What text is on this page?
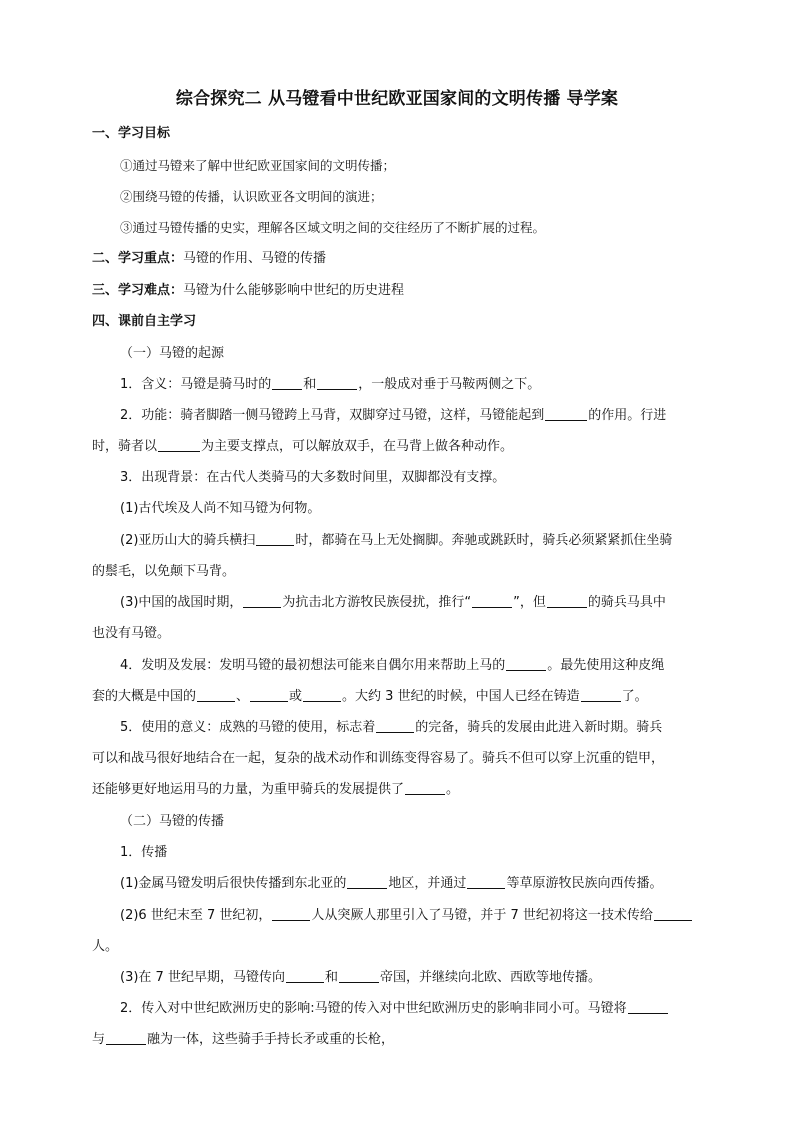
综合探究二 从马镫看中世纪欧亚国家间的文明传播 导学案
一、学习目标
①通过马镫来了解中世纪欧亚国家间的文明传播；
②围绕马镫的传播，认识欧亚各文明间的演进；
③通过马镫传播的史实，理解各区域文明之间的交往经历了不断扩展的过程。
二、学习重点：马镫的作用、马镫的传播
三、学习难点：马镫为什么能够影响中世纪的历史进程
四、课前自主学习
（一）马镫的起源
1．含义：马镫是骑马时的 和	，一般成对垂于马鞍两侧之下。
2．功能：骑者脚踏一侧马镫跨上马背，双脚穿过马镫，这样，马镫能起到	的作用。行进
时，骑者以	为主要支撑点，可以解放双手，在马背上做各种动作。
3．出现背景：在古代人类骑马的大多数时间里，双脚都没有支撑。
(1)古代埃及人尚不知马镫为何物。
(2)亚历山大的骑兵横扫	时，都骑在马上无处搁脚。奔驰或跳跃时，骑兵必须紧紧抓住坐骑
的鬃毛，以免颠下马背。
(3)中国的战国时期，	为抗击北方游牧民族侵扰，推行“	”，但	的骑兵马具中
也没有马镫。
4．发明及发展：发明马镫的最初想法可能来自偶尔用来帮助上马的	。最先使用这种皮绳
套的大概是中国的	、	或	。大约 3 世纪的时候，中国人已经在铸造	了。
5．使用的意义：成熟的马镫的使用，标志着	的完备，骑兵的发展由此进入新时期。骑兵
可以和战马很好地结合在一起，复杂的战术动作和训练变得容易了。骑兵不但可以穿上沉重的铠甲，
还能够更好地运用马的力量，为重甲骑兵的发展提供了	。
（二）马镫的传播
1．传播
(1)金属马镫发明后很快传播到东北亚的	地区，并通过	等草原游牧民族向西传播。
(2)6 世纪末至 7 世纪初，	人从突厥人那里引入了马镫，并于 7 世纪初将这一技术传给
人。
(3)在 7 世纪早期，马镫传向	和	帝国，并继续向北欧、西欧等地传播。
2．传入对中世纪欧洲历史的影响:马镫的传入对中世纪欧洲历史的影响非同小可。马镫将
与	融为一体，这些骑手手持长矛或重的长枪，
